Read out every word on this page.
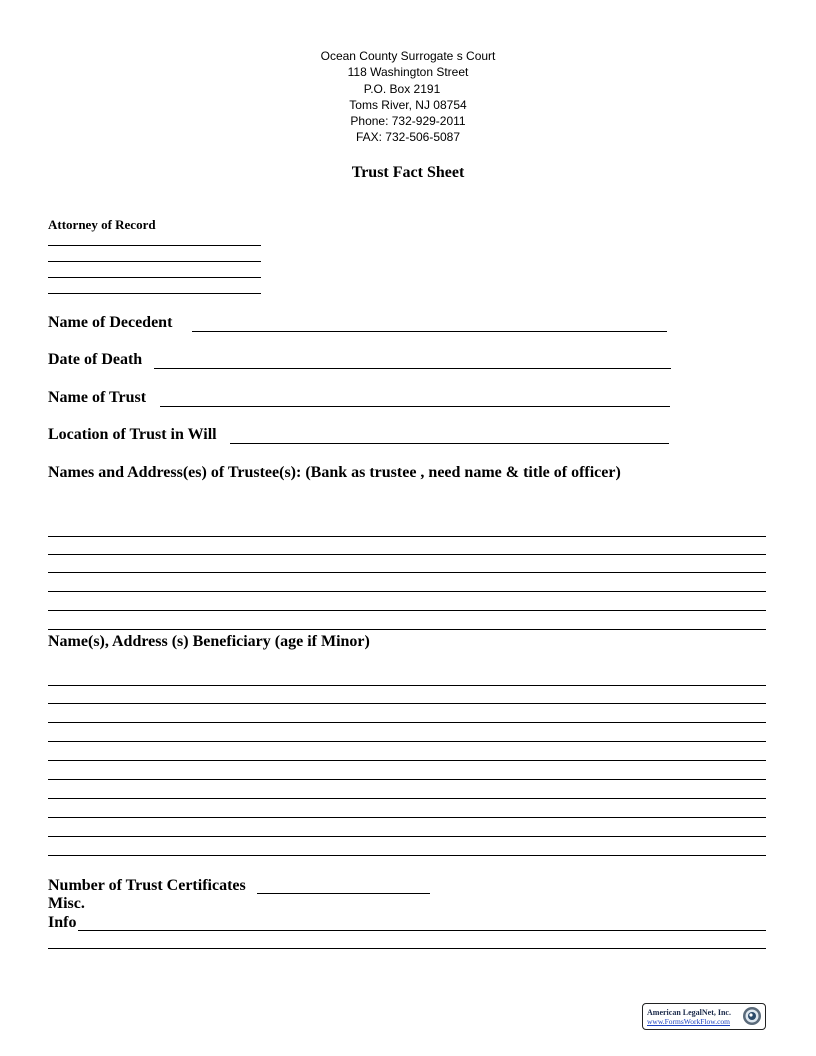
Ocean County Surrogate s Court
118 Washington Street
P.O. Box 2191
Toms River, NJ 08754
Phone: 732-929-2011
FAX: 732-506-5087
Trust Fact Sheet
Attorney of Record
Name of Decedent
Date of Death
Name of Trust
Location of Trust in Will
Names and Address(es) of Trustee(s): (Bank as trustee , need name & title of officer)
Name(s), Address (s) Beneficiary (age if Minor)
Number of Trust Certificates
Misc.
Info
American LegalNet, Inc.
www.FormsWorkFlow.com
